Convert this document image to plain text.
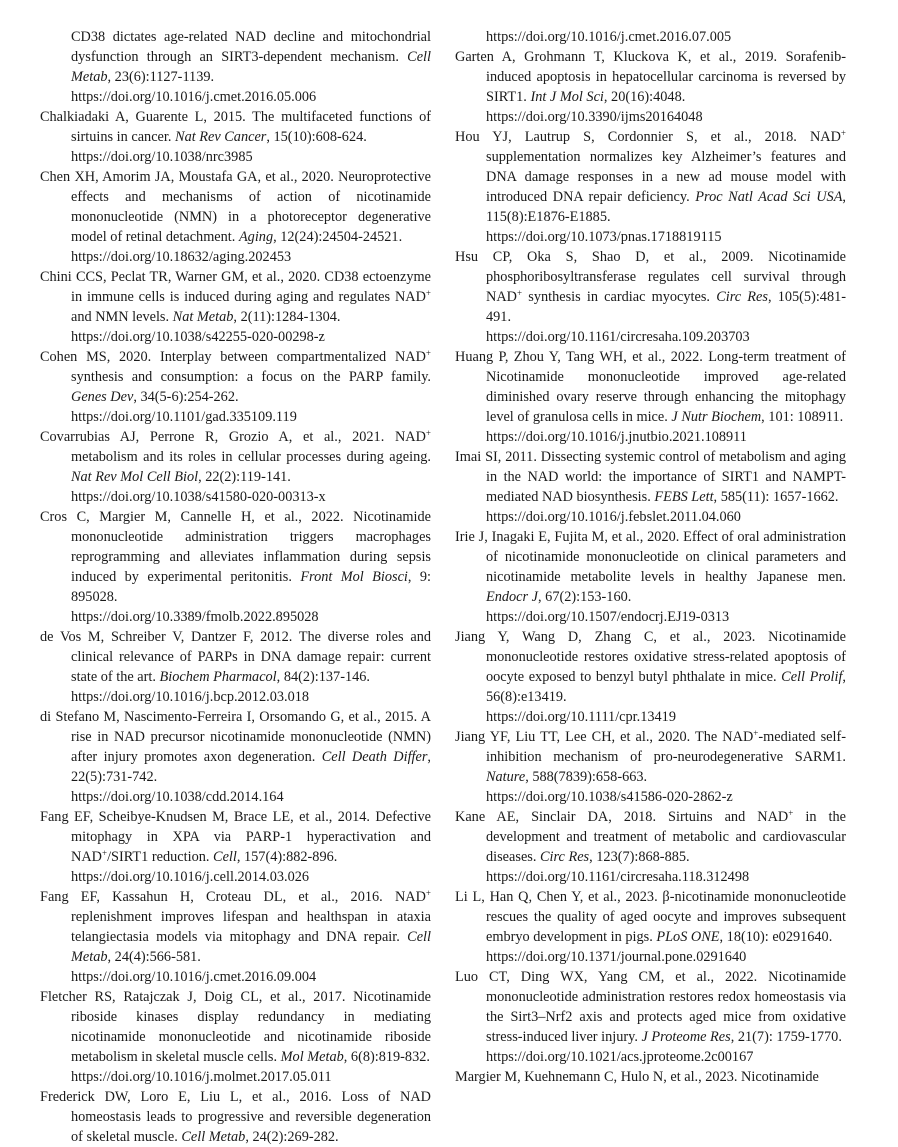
CD38 dictates age-related NAD decline and mitochondrial dysfunction through an SIRT3-dependent mechanism. Cell Metab, 23(6):1127-1139.
https://doi.org/10.1016/j.cmet.2016.05.006

Chalkiadaki A, Guarente L, 2015. The multifaceted functions of sirtuins in cancer. Nat Rev Cancer, 15(10):608-624.
https://doi.org/10.1038/nrc3985

Chen XH, Amorim JA, Moustafa GA, et al., 2020. Neuroprotective effects and mechanisms of action of nicotinamide mononucleotide (NMN) in a photoreceptor degenerative model of retinal detachment. Aging, 12(24):24504-24521.
https://doi.org/10.18632/aging.202453

Chini CCS, Peclat TR, Warner GM, et al., 2020. CD38 ectoenzyme in immune cells is induced during aging and regulates NAD+ and NMN levels. Nat Metab, 2(11):1284-1304.
https://doi.org/10.1038/s42255-020-00298-z

Cohen MS, 2020. Interplay between compartmentalized NAD+ synthesis and consumption: a focus on the PARP family. Genes Dev, 34(5-6):254-262.
https://doi.org/10.1101/gad.335109.119

Covarrubias AJ, Perrone R, Grozio A, et al., 2021. NAD+ metabolism and its roles in cellular processes during ageing. Nat Rev Mol Cell Biol, 22(2):119-141.
https://doi.org/10.1038/s41580-020-00313-x

Cros C, Margier M, Cannelle H, et al., 2022. Nicotinamide mononucleotide administration triggers macrophages reprogramming and alleviates inflammation during sepsis induced by experimental peritonitis. Front Mol Biosci, 9: 895028.
https://doi.org/10.3389/fmolb.2022.895028

de Vos M, Schreiber V, Dantzer F, 2012. The diverse roles and clinical relevance of PARPs in DNA damage repair: current state of the art. Biochem Pharmacol, 84(2):137-146.
https://doi.org/10.1016/j.bcp.2012.03.018

di Stefano M, Nascimento-Ferreira I, Orsomando G, et al., 2015. A rise in NAD precursor nicotinamide mononucleotide (NMN) after injury promotes axon degeneration. Cell Death Differ, 22(5):731-742.
https://doi.org/10.1038/cdd.2014.164

Fang EF, Scheibye-Knudsen M, Brace LE, et al., 2014. Defective mitophagy in XPA via PARP-1 hyperactivation and NAD+/SIRT1 reduction. Cell, 157(4):882-896.
https://doi.org/10.1016/j.cell.2014.03.026

Fang EF, Kassahun H, Croteau DL, et al., 2016. NAD+ replenishment improves lifespan and healthspan in ataxia telangiectasia models via mitophagy and DNA repair. Cell Metab, 24(4):566-581.
https://doi.org/10.1016/j.cmet.2016.09.004

Fletcher RS, Ratajczak J, Doig CL, et al., 2017. Nicotinamide riboside kinases display redundancy in mediating nicotinamide mononucleotide and nicotinamide riboside metabolism in skeletal muscle cells. Mol Metab, 6(8):819-832.
https://doi.org/10.1016/j.molmet.2017.05.011

Frederick DW, Loro E, Liu L, et al., 2016. Loss of NAD homeostasis leads to progressive and reversible degeneration of skeletal muscle. Cell Metab, 24(2):269-282.

https://doi.org/10.1016/j.cmet.2016.07.005

Garten A, Grohmann T, Kluckova K, et al., 2019. Sorafenib-induced apoptosis in hepatocellular carcinoma is reversed by SIRT1. Int J Mol Sci, 20(16):4048.
https://doi.org/10.3390/ijms20164048

Hou YJ, Lautrup S, Cordonnier S, et al., 2018. NAD+ supplementation normalizes key Alzheimer’s features and DNA damage responses in a new ad mouse model with introduced DNA repair deficiency. Proc Natl Acad Sci USA, 115(8):E1876-E1885.
https://doi.org/10.1073/pnas.1718819115

Hsu CP, Oka S, Shao D, et al., 2009. Nicotinamide phosphoribosyltransferase regulates cell survival through NAD+ synthesis in cardiac myocytes. Circ Res, 105(5):481-491.
https://doi.org/10.1161/circresaha.109.203703

Huang P, Zhou Y, Tang WH, et al., 2022. Long-term treatment of Nicotinamide mononucleotide improved age-related diminished ovary reserve through enhancing the mitophagy level of granulosa cells in mice. J Nutr Biochem, 101: 108911.
https://doi.org/10.1016/j.jnutbio.2021.108911

Imai SI, 2011. Dissecting systemic control of metabolism and aging in the NAD world: the importance of SIRT1 and NAMPT-mediated NAD biosynthesis. FEBS Lett, 585(11): 1657-1662.
https://doi.org/10.1016/j.febslet.2011.04.060

Irie J, Inagaki E, Fujita M, et al., 2020. Effect of oral administration of nicotinamide mononucleotide on clinical parameters and nicotinamide metabolite levels in healthy Japanese men. Endocr J, 67(2):153-160.
https://doi.org/10.1507/endocrj.EJ19-0313

Jiang Y, Wang D, Zhang C, et al., 2023. Nicotinamide mononucleotide restores oxidative stress-related apoptosis of oocyte exposed to benzyl butyl phthalate in mice. Cell Prolif, 56(8):e13419.
https://doi.org/10.1111/cpr.13419

Jiang YF, Liu TT, Lee CH, et al., 2020. The NAD+-mediated self-inhibition mechanism of pro-neurodegenerative SARM1. Nature, 588(7839):658-663.
https://doi.org/10.1038/s41586-020-2862-z

Kane AE, Sinclair DA, 2018. Sirtuins and NAD+ in the development and treatment of metabolic and cardiovascular diseases. Circ Res, 123(7):868-885.
https://doi.org/10.1161/circresaha.118.312498

Li L, Han Q, Chen Y, et al., 2023. β-nicotinamide mononucleotide rescues the quality of aged oocyte and improves subsequent embryo development in pigs. PLoS ONE, 18(10): e0291640.
https://doi.org/10.1371/journal.pone.0291640

Luo CT, Ding WX, Yang CM, et al., 2022. Nicotinamide mononucleotide administration restores redox homeostasis via the Sirt3–Nrf2 axis and protects aged mice from oxidative stress-induced liver injury. J Proteome Res, 21(7): 1759-1770.
https://doi.org/10.1021/acs.jproteome.2c00167

Margier M, Kuehnemann C, Hulo N, et al., 2023. Nicotinamide
